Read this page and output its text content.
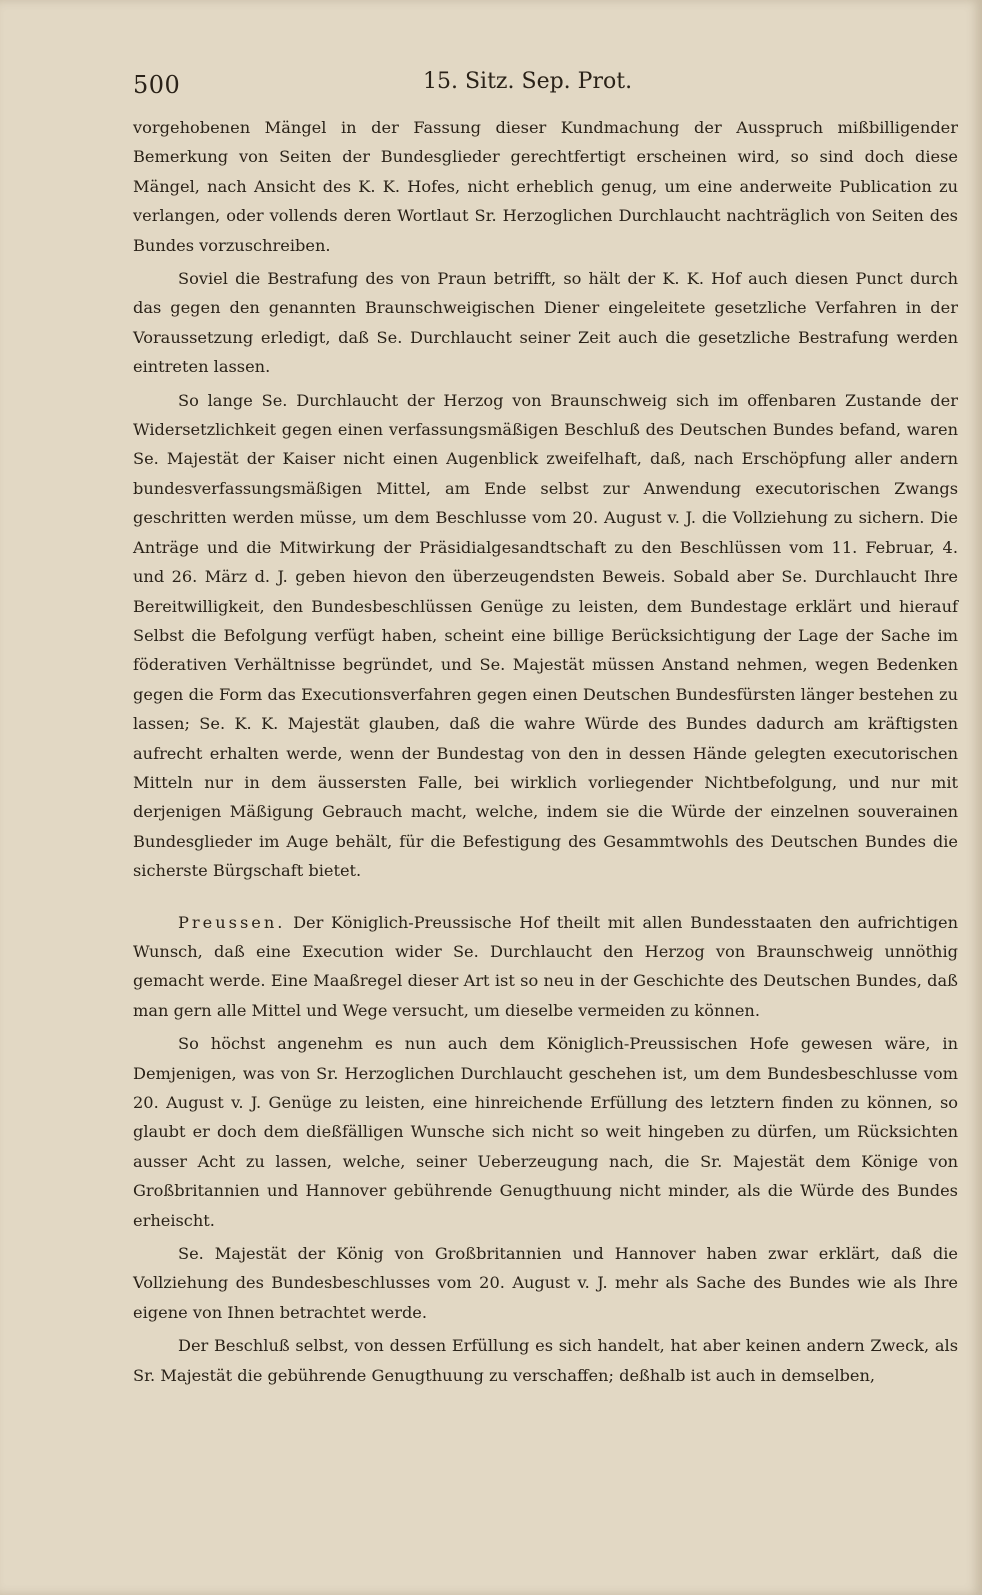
500	15. Sitz. Sep. Prot.

vorgehobenen Mängel in der Fassung dieser Kundmachung der Ausspruch mißbilligender Bemerkung von Seiten der Bundesglieder gerechtfertigt erscheinen wird, so sind doch diese Mängel, nach Ansicht des K. K. Hofes, nicht erheblich genug, um eine anderweite Publication zu verlangen, oder vollends deren Wortlaut Sr. Herzoglichen Durchlaucht nachträglich von Seiten des Bundes vorzuschreiben.

Soviel die Bestrafung des von Praun betrifft, so hält der K. K. Hof auch diesen Punct durch das gegen den genannten Braunschweigischen Diener eingeleitete gesetzliche Verfahren in der Voraussetzung erledigt, daß Se. Durchlaucht seiner Zeit auch die gesetzliche Bestrafung werden eintreten lassen.

So lange Se. Durchlaucht der Herzog von Braunschweig sich im offenbaren Zustande der Widersetzlichkeit gegen einen verfassungsmäßigen Beschluß des Deutschen Bundes befand, waren Se. Majestät der Kaiser nicht einen Augenblick zweifelhaft, daß, nach Erschöpfung aller andern bundesverfassungsmäßigen Mittel, am Ende selbst zur Anwendung executorischen Zwangs geschritten werden müsse, um dem Beschlusse vom 20. August v. J. die Vollziehung zu sichern. Die Anträge und die Mitwirkung der Präsidialgesandtschaft zu den Beschlüssen vom 11. Februar, 4. und 26. März d. J. geben hievon den überzeugendsten Beweis. Sobald aber Se. Durchlaucht Ihre Bereitwilligkeit, den Bundesbeschlüssen Genüge zu leisten, dem Bundestage erklärt und hierauf Selbst die Befolgung verfügt haben, scheint eine billige Berücksichtigung der Lage der Sache im föderativen Verhältnisse begründet, und Se. Majestät müssen Anstand nehmen, wegen Bedenken gegen die Form das Executionsverfahren gegen einen Deutschen Bundesfürsten länger bestehen zu lassen; Se. K. K. Majestät glauben, daß die wahre Würde des Bundes dadurch am kräftigsten aufrecht erhalten werde, wenn der Bundestag von den in dessen Hände gelegten executorischen Mitteln nur in dem äussersten Falle, bei wirklich vorliegender Nichtbefolgung, und nur mit derjenigen Mäßigung Gebrauch macht, welche, indem sie die Würde der einzelnen souverainen Bundesglieder im Auge behält, für die Befestigung des Gesammtwohls des Deutschen Bundes die sicherste Bürgschaft bietet.

Preussen. Der Königlich-Preussische Hof theilt mit allen Bundesstaaten den aufrichtigen Wunsch, daß eine Execution wider Se. Durchlaucht den Herzog von Braunschweig unnöthig gemacht werde. Eine Maaßregel dieser Art ist so neu in der Geschichte des Deutschen Bundes, daß man gern alle Mittel und Wege versucht, um dieselbe vermeiden zu können.

So höchst angenehm es nun auch dem Königlich-Preussischen Hofe gewesen wäre, in Demjenigen, was von Sr. Herzoglichen Durchlaucht geschehen ist, um dem Bundesbeschlusse vom 20. August v. J. Genüge zu leisten, eine hinreichende Erfüllung des letztern finden zu können, so glaubt er doch dem dießfälligen Wunsche sich nicht so weit hingeben zu dürfen, um Rücksichten ausser Acht zu lassen, welche, seiner Ueberzeugung nach, die Sr. Majestät dem Könige von Großbritannien und Hannover gebührende Genugthuung nicht minder, als die Würde des Bundes erheischt.

Se. Majestät der König von Großbritannien und Hannover haben zwar erklärt, daß die Vollziehung des Bundesbeschlusses vom 20. August v. J. mehr als Sache des Bundes wie als Ihre eigene von Ihnen betrachtet werde.

Der Beschluß selbst, von dessen Erfüllung es sich handelt, hat aber keinen andern Zweck, als Sr. Majestät die gebührende Genugthuung zu verschaffen; deßhalb ist auch in demselben,
